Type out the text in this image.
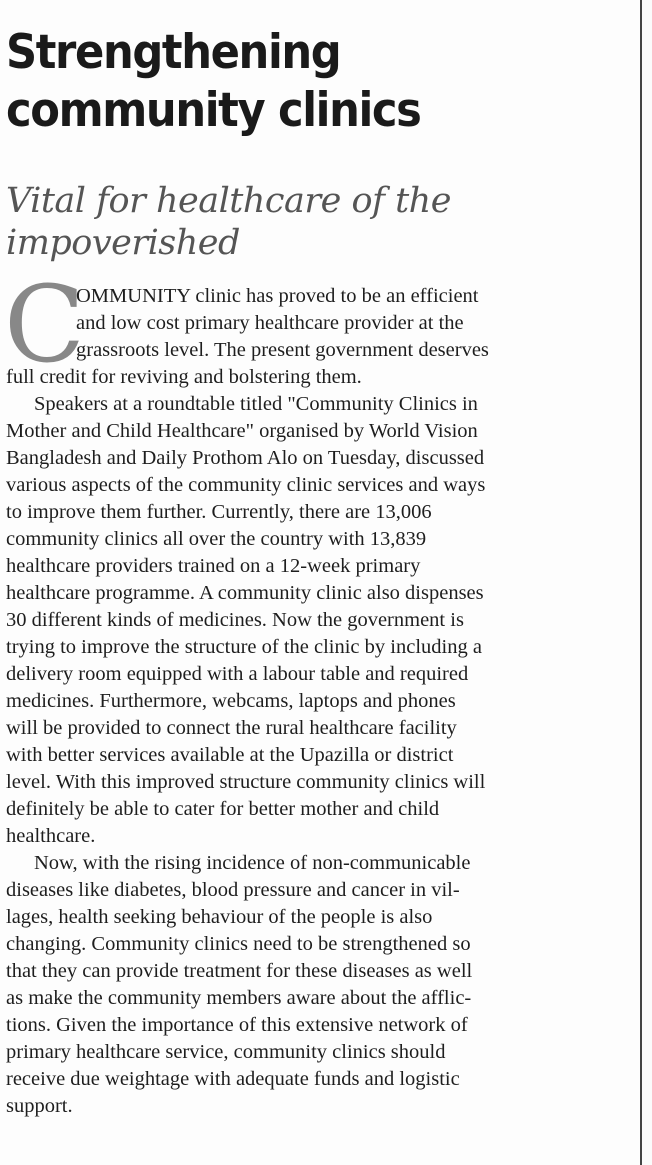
Strengthening
community clinics
Vital for healthcare of the
impoverished

C
OMMUNITY clinic has proved to be an efficient
and low cost primary healthcare provider at the
grassroots level. The present government deserves
full credit for reviving and bolstering them.

Speakers at a roundtable titled "Community Clinics in
Mother and Child Healthcare" organised by World Vision
Bangladesh and Daily Prothom Alo on Tuesday, discussed
various aspects of the community clinic services and ways
to improve them further. Currently, there are 13,006
community clinics all over the country with 13,839
healthcare providers trained on a 12-week primary
healthcare programme. A community clinic also dispenses
30 different kinds of medicines. Now the government is
trying to improve the structure of the clinic by including a
delivery room equipped with a labour table and required
medicines. Furthermore, webcams, laptops and phones
will be provided to connect the rural healthcare facility
with better services available at the Upazilla or district
level. With this improved structure community clinics will
definitely be able to cater for better mother and child
healthcare.

Now, with the rising incidence of non-communicable
diseases like diabetes, blood pressure and cancer in vil-
lages, health seeking behaviour of the people is also
changing. Community clinics need to be strengthened so
that they can provide treatment for these diseases as well
as make the community members aware about the afflic-
tions. Given the importance of this extensive network of
primary healthcare service, community clinics should
receive due weightage with adequate funds and logistic
support.
